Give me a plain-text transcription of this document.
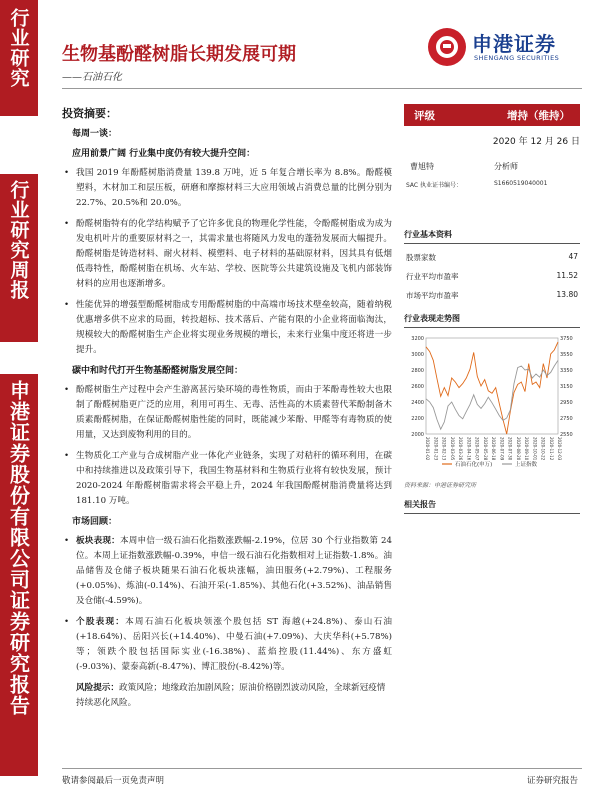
行业研究
行业研究周报
申港证券股份有限公司证券研究报告
生物基酚醛树脂长期发展可期
——石油石化
申港证券
SHENGANG SECURITIES
投资摘要：
每周一谈：
应用前景广阔 行业集中度仍有较大提升空间：
• 我国 2019 年酚醛树脂消费量 139.8 万吨，近 5 年复合增长率为 8.8%。酚醛模塑料，木材加工和层压板，研磨和摩擦材料三大应用领域占消费总量的比例分别为 22.7%、20.5%和 20.0%。
• 酚醛树脂特有的化学结构赋予了它许多优良的物理化学性能，令酚醛树脂成为成为发电机叶片的重要原材料之一，其需求量也将随风力发电的蓬勃发展而大幅提升。酚醛树脂是铸造材料、耐火材料、模塑料、电子材料的基础原材料，因其具有低烟低毒特性，酚醛树脂在机场、火车站、学校、医院等公共建筑设施及飞机内部装饰材料的应用也逐渐增多。
• 性能优异的增强型酚醛树脂成专用酚醛树脂的中高端市场技术壁垒较高，随着纳税优惠增多供不应求的局面，转投超标、技术落后、产能有限的小企业将面临淘汰，规模较大的酚醛树脂生产企业将实现业务规模的增长，未来行业集中度还将进一步提升。
碳中和时代打开生物基酚醛树脂发展空间：
• 酚醛树脂生产过程中会产生游离甚污染环境的毒性物质，而由于苯酚毒性较大也限制了酚醛树脂更广泛的应用，利用可再生、无毒、活性高的木质素替代苯酚制备木质素酚醛树脂，在保证酚醛树脂性能的同时，既能减少苯酚、甲醛等有毒物质的使用量，又达到废物利用的目的。
• 生物质化工产业与合成树脂产业一体化产业链条，实现了对秸秆的循环利用，在碳中和持续推进以及政策引导下，我国生物基材料和生物质行业将有较快发展，预计 2020-2024 年酚醛树脂需求将会平稳上升，2024 年我国酚醛树脂消费量将达到 181.10 万吨。
市场回顾：
• 板块表现：本周申信一级石油石化指数涨跌幅-2.19%，位居 30 个行业指数第 24 位。本周上证指数涨跌幅-0.39%，申信一级石油石化指数相对上证指数-1.8%。油品储售及仓储子板块随果石油石化板块涨幅，油田服务(+2.79%)、工程服务(+0.05%)、炼油(-0.14%)、石油开采(-1.85%)、其他石化(+3.52%)、油品销售及仓储(-4.59%)。
• 个股表现：本周石油石化板块领涨个股包括 ST 海越(+24.8%)、泰山石油(+18.64%)、岳阳兴长(+14.40%)、中曼石油(+7.09%)、大庆华科(+5.78%)等；领跌个股包括国际实业(-16.38%)、蓝焰控股(11.44%)、东方盛虹(-9.03%)、蒙泰高新(-8.47%)、博汇股份(-8.42%)等。
风险提示：政策风险；地缘政治加剧风险；原油价格剧烈波动风险，全球新冠疫情持续恶化风险。
评级	增持（维持）
2020 年 12 月 26 日
曹旭特	分析师
SAC 执业证书编号：	S1660519040001
行业基本资料
股票家数	47
行业平均市盈率	11.52
市场平均市盈率	13.80
行业表现走势图
3200
3000
2800
2600
2400
2200
2000
3750
3550
3350
3150
2950
2750
2550
2020-01-02 2020-01-23 2020-02-13 2020-03-05 2020-03-26 2020-04-16 2020-05-07 2020-05-28 2020-06-18 2020-07-09 2020-07-30 2020-08-20 2020-09-10 2020-10-01 2020-10-22 2020-11-12 2020-12-03
石油石化(申万)	上证指数
资料来源：申港证券研究所
相关报告
敬请参阅最后一页免责声明	证券研究报告
